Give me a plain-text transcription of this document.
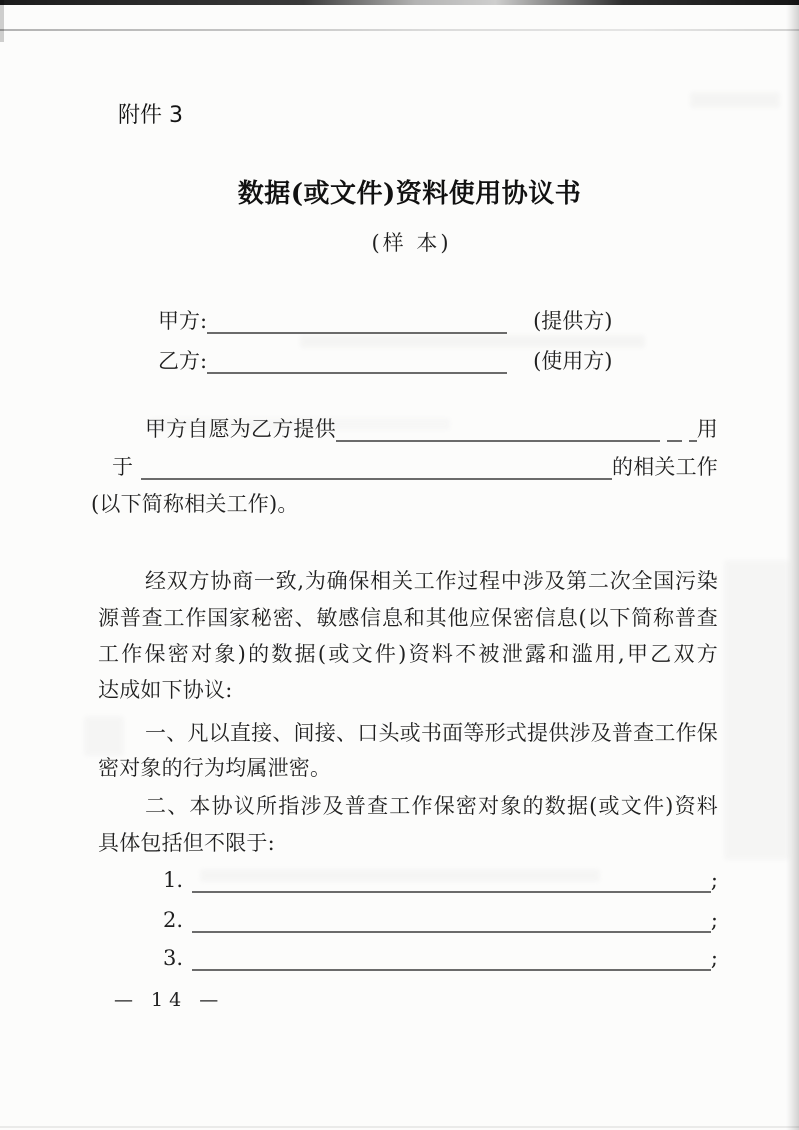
附件 3
数据(或文件)资料使用协议书
(样 本)
甲方:	(提供方)
乙方:	(使用方)
甲方自愿为乙方提供	用
于	的相关工作
(以下简称相关工作)。
经双方协商一致,为确保相关工作过程中涉及第二次全国污染
源普查工作国家秘密、敏感信息和其他应保密信息(以下简称普查
工作保密对象)的数据(或文件)资料不被泄露和滥用,甲乙双方
达成如下协议:
一、凡以直接、间接、口头或书面等形式提供涉及普查工作保
密对象的行为均属泄密。
二、本协议所指涉及普查工作保密对象的数据(或文件)资料
具体包括但不限于:
1.	;
2.	;
3.	;
— 14 —
